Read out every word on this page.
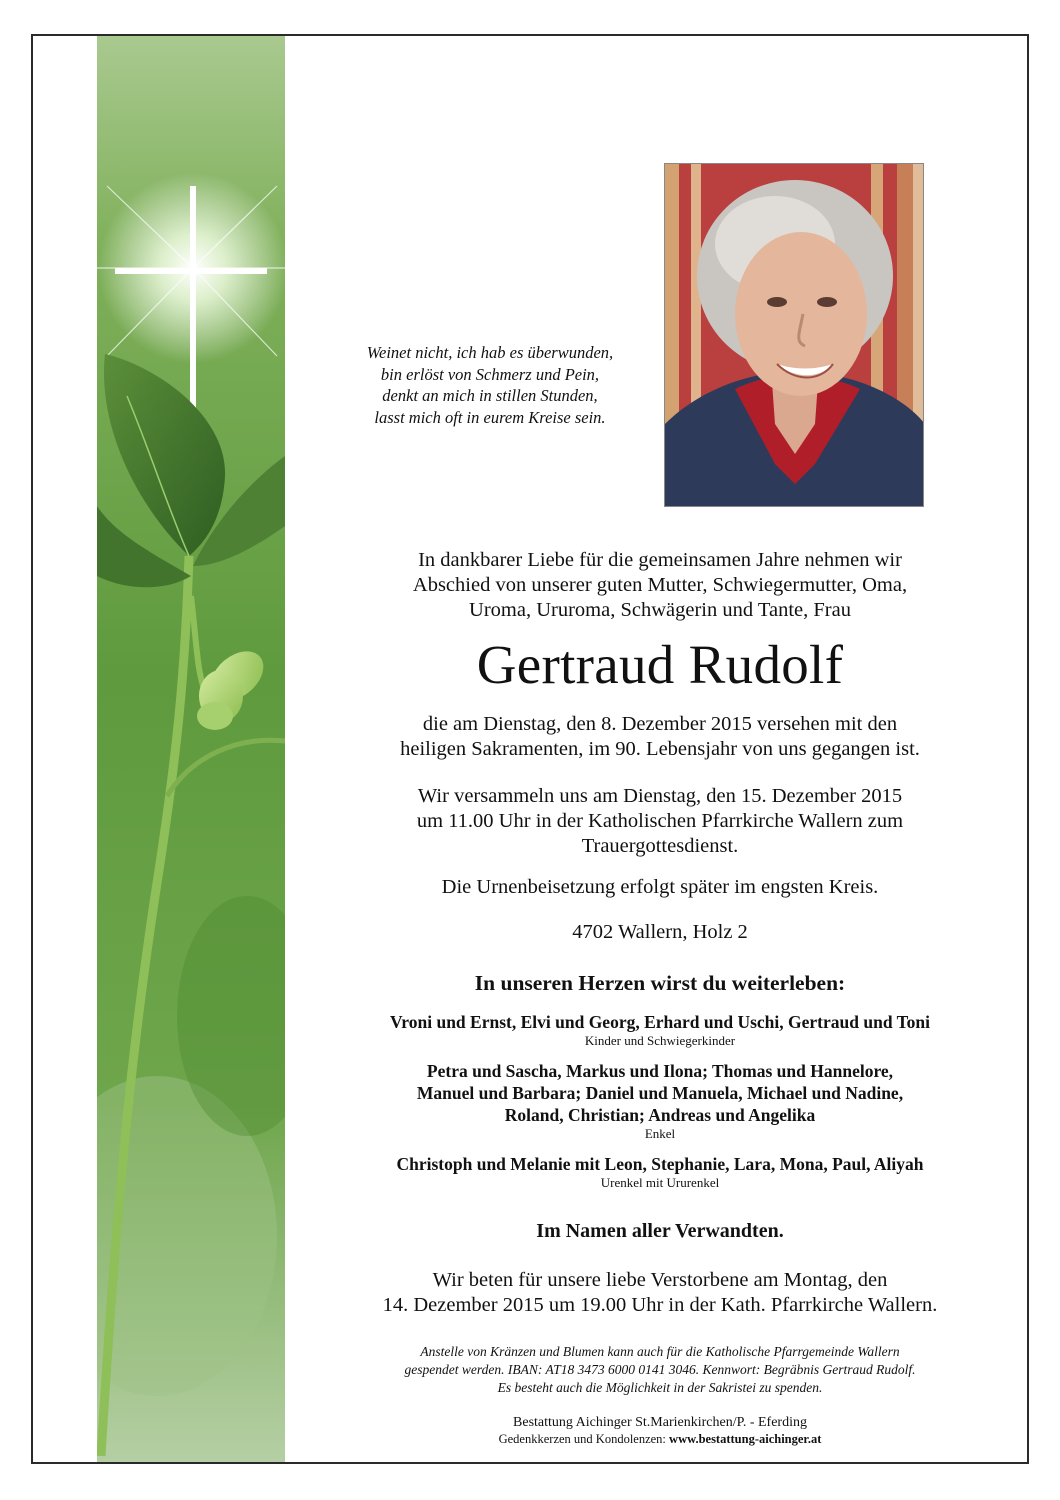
Weinet nicht, ich hab es überwunden,
bin erlöst von Schmerz und Pein,
denkt an mich in stillen Stunden,
lasst mich oft in eurem Kreise sein.
In dankbarer Liebe für die gemeinsamen Jahre nehmen wir
Abschied von unserer guten Mutter, Schwiegermutter, Oma,
Uroma, Ururoma, Schwägerin und Tante, Frau
Gertraud Rudolf
die am Dienstag, den 8. Dezember 2015 versehen mit den
heiligen Sakramenten, im 90. Lebensjahr von uns gegangen ist.
Wir versammeln uns am Dienstag, den 15. Dezember 2015
um 11.00 Uhr in der Katholischen Pfarrkirche Wallern zum
Trauergottesdienst.
Die Urnenbeisetzung erfolgt später im engsten Kreis.
4702 Wallern, Holz 2
In unseren Herzen wirst du weiterleben:
Vroni und Ernst, Elvi und Georg, Erhard und Uschi, Gertraud und Toni
Kinder und Schwiegerkinder
Petra und Sascha, Markus und Ilona; Thomas und Hannelore,
Manuel und Barbara; Daniel und Manuela, Michael und Nadine,
Roland, Christian; Andreas und Angelika
Enkel
Christoph und Melanie mit Leon, Stephanie, Lara, Mona, Paul, Aliyah
Urenkel mit Ururenkel
Im Namen aller Verwandten.
Wir beten für unsere liebe Verstorbene am Montag, den
14. Dezember 2015 um 19.00 Uhr in der Kath. Pfarrkirche Wallern.
Anstelle von Kränzen und Blumen kann auch für die Katholische Pfarrgemeinde Wallern
gespendet werden. IBAN: AT18 3473 6000 0141 3046. Kennwort: Begräbnis Gertraud Rudolf.
Es besteht auch die Möglichkeit in der Sakristei zu spenden.
Bestattung Aichinger St.Marienkirchen/P. - Eferding
Gedenkkerzen und Kondolenzen: www.bestattung-aichinger.at
